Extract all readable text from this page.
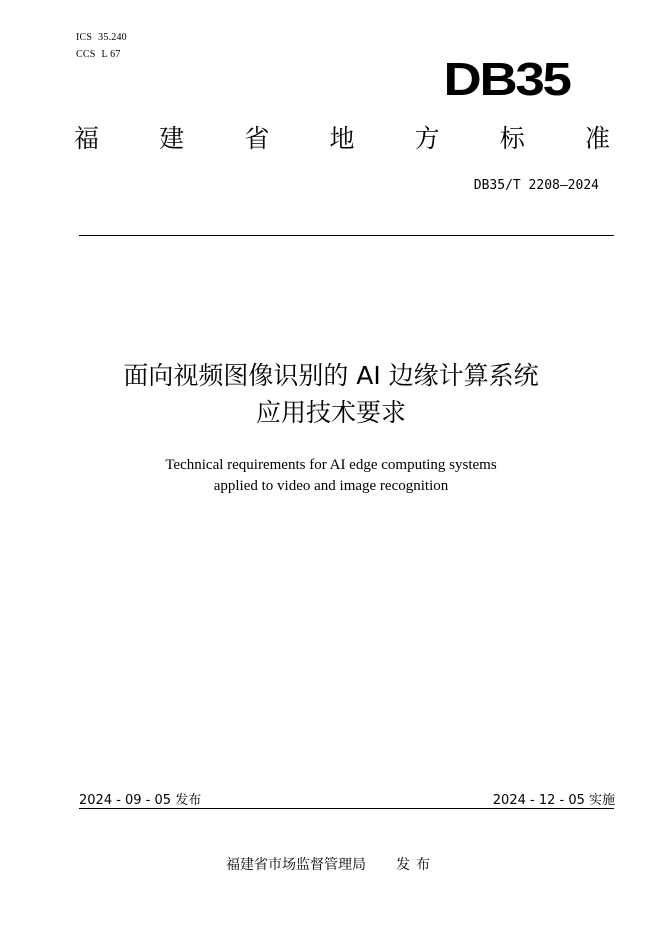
ICS 35.240
CCS L 67	DB35
福 建 省 地 方 标 准
DB35/T 2208—2024
面向视频图像识别的 AI 边缘计算系统
应用技术要求
Technical requirements for AI edge computing systems
applied to video and image recognition
2024 - 09 - 05 发布	2024 - 12 - 05 实施
福建省市场监督管理局 发布
